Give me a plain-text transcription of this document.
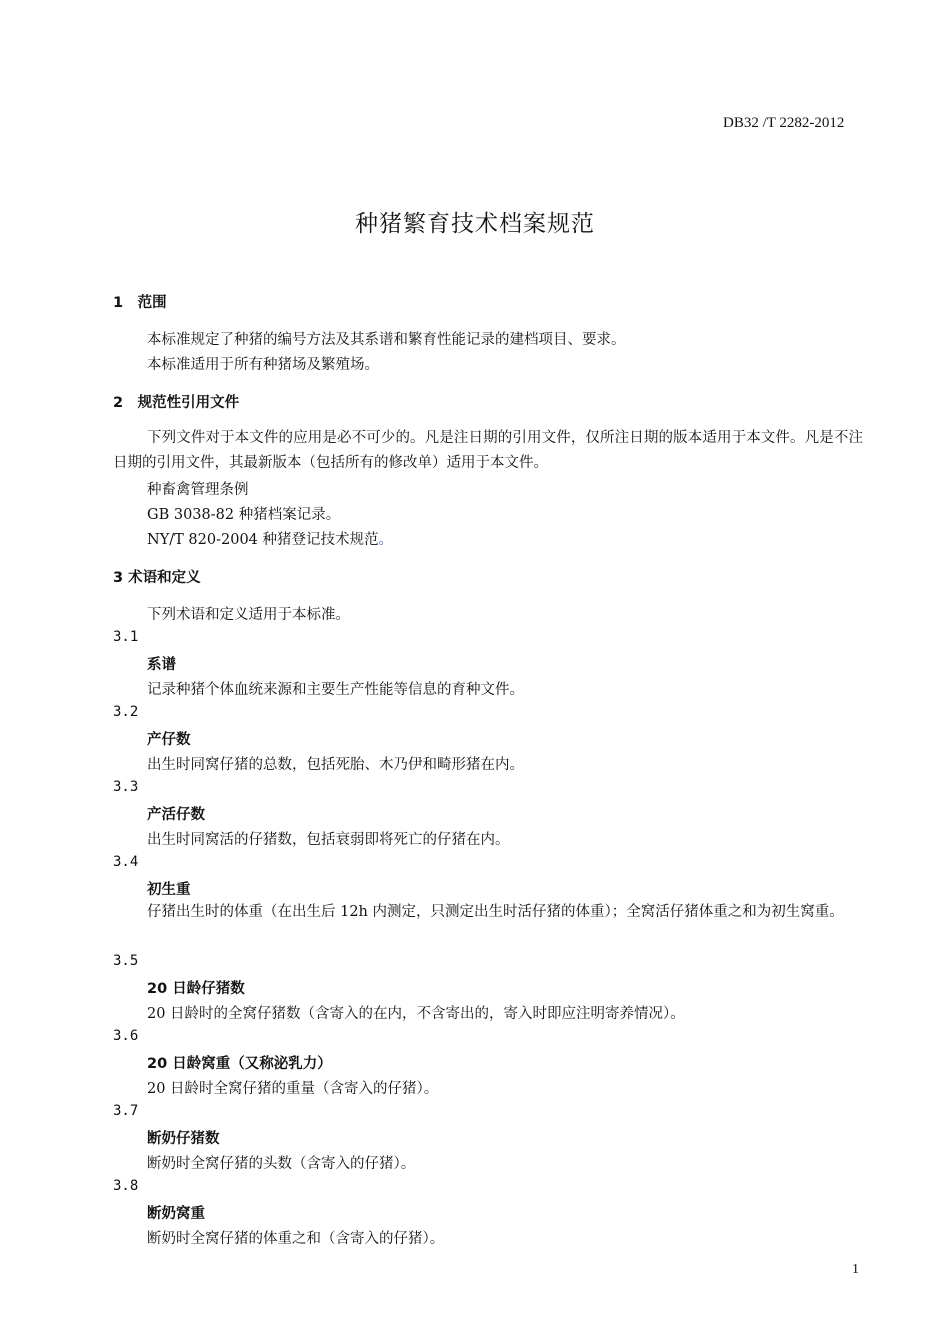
DB32 /T 2282-2012
种猪繁育技术档案规范
1　范围
本标准规定了种猪的编号方法及其系谱和繁育性能记录的建档项目、要求。
本标准适用于所有种猪场及繁殖场。
2　规范性引用文件
下列文件对于本文件的应用是必不可少的。凡是注日期的引用文件，仅所注日期的版本适用于本文件。凡是不注日期的引用文件，其最新版本（包括所有的修改单）适用于本文件。
种畜禽管理条例
GB 3038-82 种猪档案记录。
NY/T 820-2004 种猪登记技术规范。
3 术语和定义
下列术语和定义适用于本标准。
3.1
系谱
记录种猪个体血统来源和主要生产性能等信息的育种文件。
3.2
产仔数
出生时同窝仔猪的总数，包括死胎、木乃伊和畸形猪在内。
3.3
产活仔数
出生时同窝活的仔猪数，包括衰弱即将死亡的仔猪在内。
3.4
初生重
仔猪出生时的体重（在出生后 12h 内测定，只测定出生时活仔猪的体重）；全窝活仔猪体重之和为初生窝重。
3.5
20 日龄仔猪数
20 日龄时的全窝仔猪数（含寄入的在内，不含寄出的，寄入时即应注明寄养情况）。
3.6
20 日龄窝重（又称泌乳力）
20 日龄时全窝仔猪的重量（含寄入的仔猪）。
3.7
断奶仔猪数
断奶时全窝仔猪的头数（含寄入的仔猪）。
3.8
断奶窝重
断奶时全窝仔猪的体重之和（含寄入的仔猪）。
1
